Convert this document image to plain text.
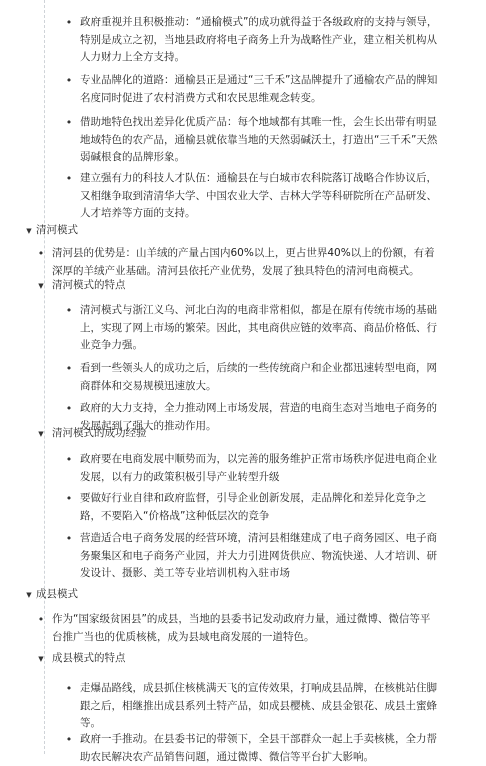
• 政府重视并且积极推动：“通榆模式”的成功就得益于各级政府的支持与领导，
特别是成立之初，当地县政府将电子商务上升为战略性产业，建立相关机构从
人力财力上全方支持。
• 专业品牌化的道路：通榆县正是通过“三千禾”这品牌提升了通榆农产品的牌知
名度同时促进了农村消费方式和农民思维观念转变。
• 借助地特色找出差异化优质产品：每个地域都有其唯一性，会生长出带有明显
地域特色的农产品，通榆县就依靠当地的天然弱碱沃土，打造出“三千禾”天然
弱碱根食的品牌形象。
• 建立强有力的科技人才队伍：通榆县在与白城市农科院落订战略合作协议后，
又相继争取到清清华大学、中国农业大学、吉林大学等科研院所在产品研发、
人才培养等方面的支持。
▼ 清河模式
• 清河县的优势是：山羊绒的产量占国内60%以上，更占世界40%以上的份额，有着
深厚的羊绒产业基础。清河县依托产业优势，发展了独具特色的清河电商模式。
▼ 清河模式的特点
• 清河模式与浙江义乌、河北白沟的电商非常相似，都是在原有传统市场的基础
上，实现了网上市场的繁荣。因此，其电商供应链的效率高、商品价格低、行
业竞争力强。
• 看到一些领头人的成功之后，后续的一些传统商户和企业都迅速转型电商，网
商群体和交易规模迅速放大。
• 政府的大力支持，全力推动网上市场发展，营造的电商生态对当地电子商务的
发展起到了强大的推动作用。
▼ 清河模式的成功经验
• 政府要在电商发展中顺势而为，以完善的服务维护正常市场秩序促进电商企业
发展，以有力的政策积极引导产业转型升级
• 要做好行业自律和政府监督，引导企业创新发展，走品牌化和差异化竞争之
路，不要陷入“价格战”这种低层次的竞争
• 营造适合电子商务发展的经营环境，清河县相继建成了电子商务园区、电子商
务聚集区和电子商务产业园，并大力引进网货供应、物流快递、人才培训、研
发设计、摄影、美工等专业培训机构入驻市场
▼ 成县模式
• 作为“国家级贫困县”的成县，当地的县委书记发动政府力量，通过微博、微信等平
台推广当也的优质核桃，成为县域电商发展的一道特色。
▼ 成县模式的特点
• 走爆品路线，成县抓住核桃满天飞的宣传效果，打响成县品牌，在核桃站住脚
跟之后，相继推出成县系列土特产品，如成县樱桃、成县金银花、成县土蜜蜂
等。
• 政府一手推动。在县委书记的带领下，全县干部群众一起上手卖核桃，全力帮
助农民解决农产品销售问题，通过微博、微信等平台扩大影响。
